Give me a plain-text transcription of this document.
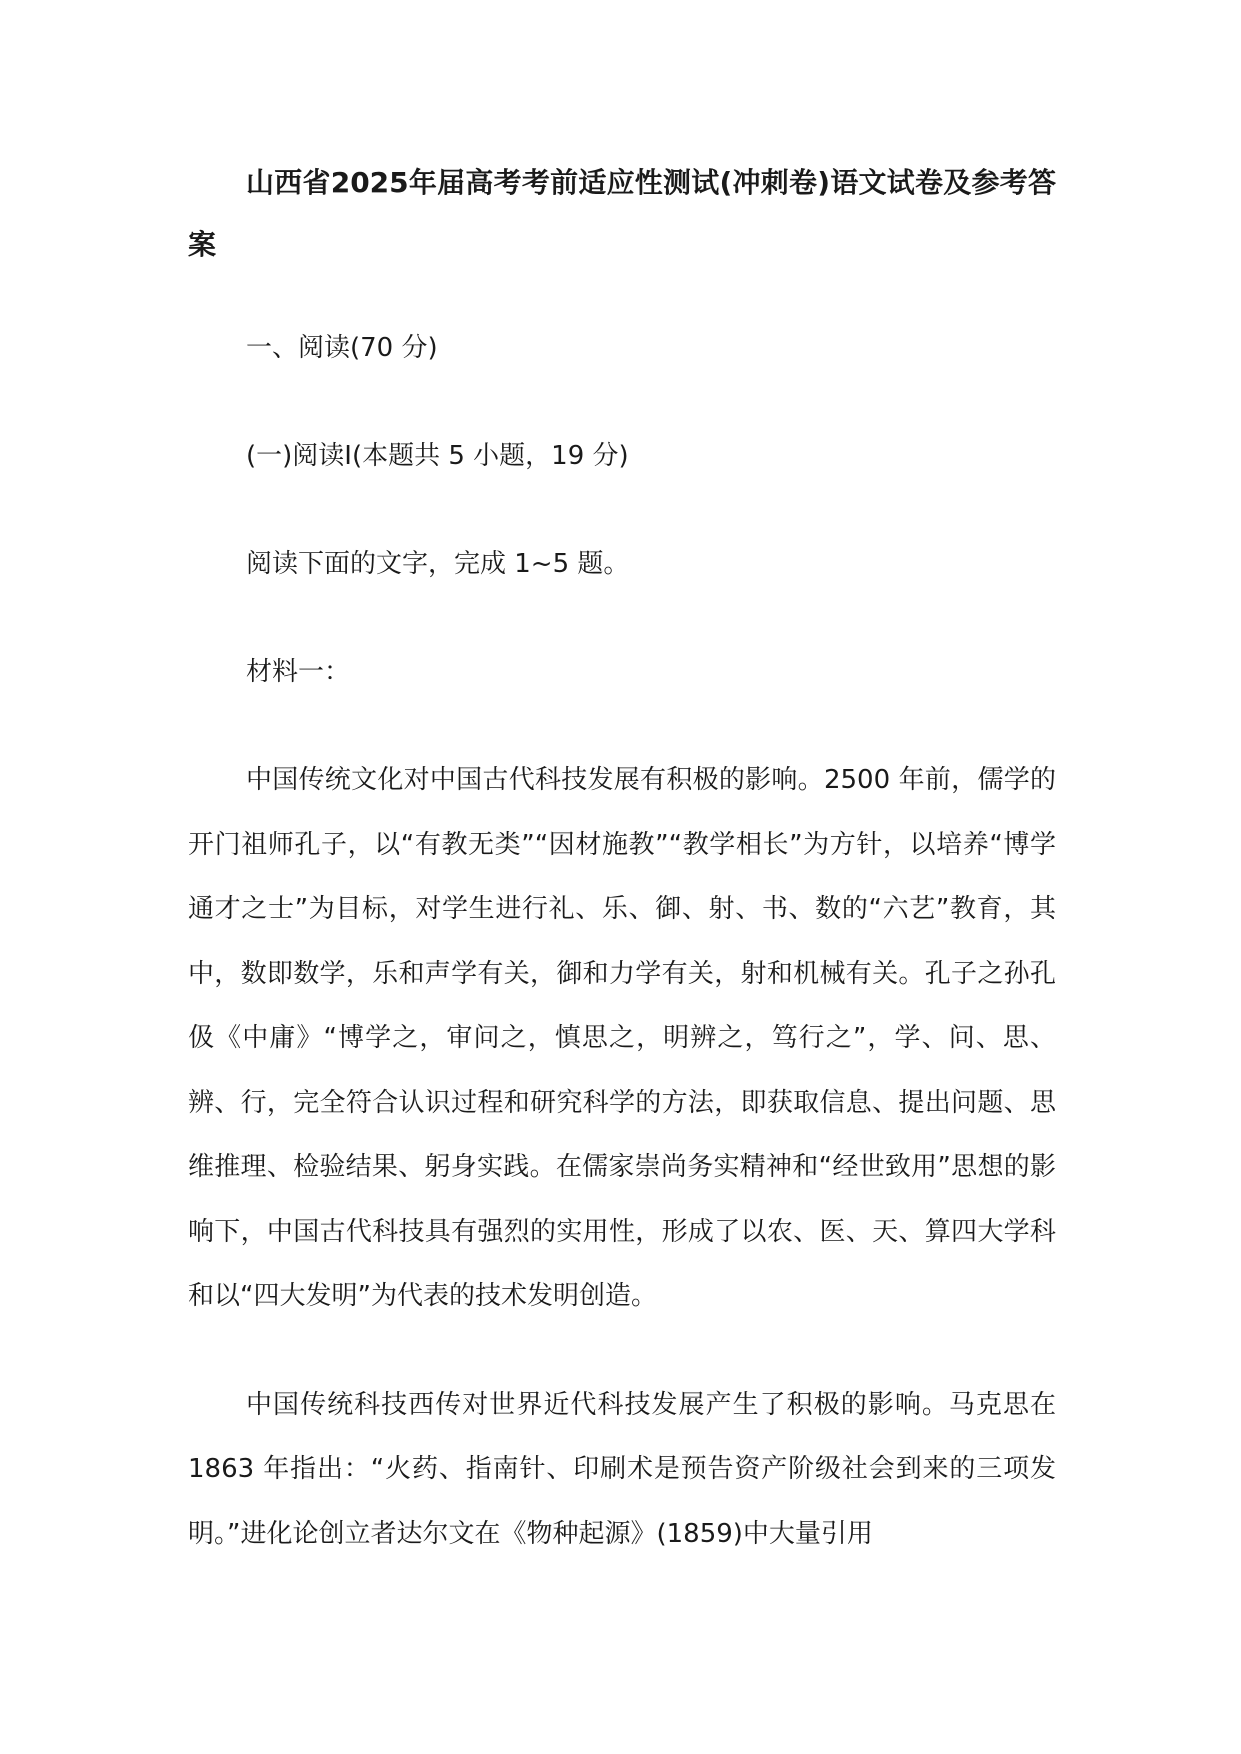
山西省2025年届高考考前适应性测试(冲刺卷)语文试卷及参考答案

一、阅读(70 分)

(一)阅读Ⅰ(本题共 5 小题，19 分)

阅读下面的文字，完成 1~5 题。

材料一：

中国传统文化对中国古代科技发展有积极的影响。2500 年前，儒学的开门祖师孔子，以“有教无类”“因材施教”“教学相长”为方针，以培养“博学通才之士”为目标，对学生进行礼、乐、御、射、书、数的“六艺”教育，其中，数即数学，乐和声学有关，御和力学有关，射和机械有关。孔子之孙孔伋《中庸》“博学之，审问之，慎思之，明辨之，笃行之”，学、问、思、辨、行，完全符合认识过程和研究科学的方法，即获取信息、提出问题、思维推理、检验结果、躬身实践。在儒家崇尚务实精神和“经世致用”思想的影响下，中国古代科技具有强烈的实用性，形成了以农、医、天、算四大学科和以“四大发明”为代表的技术发明创造。

中国传统科技西传对世界近代科技发展产生了积极的影响。马克思在 1863 年指出：“火药、指南针、印刷术是预告资产阶级社会到来的三项发明。”进化论创立者达尔文在《物种起源》(1859)中大量引用
